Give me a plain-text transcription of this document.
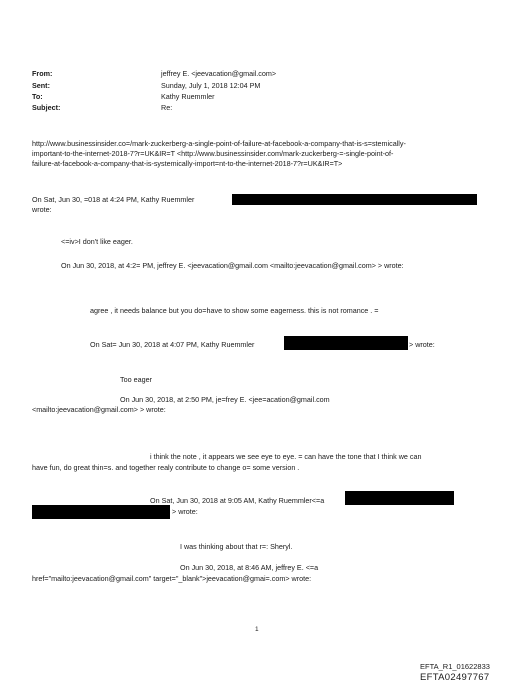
From:	jeffrey E. <jeevacation@gmail.com>
Sent:	Sunday, July 1, 2018 12:04 PM
To:	Kathy Ruemmler
Subject:	Re:
http://www.businessinsider.co=/mark-zuckerberg-a-single-point-of-failure-at-facebook-a-company-that-is-s=stemically-
important-to-the-internet-2018-7?r=UK&IR=T <http://www.businessinsider.com/mark-zuckerberg-=-single-point-of-
failure-at-facebook-a-company-that-is-systemically-import=nt-to-the-internet-2018-7?r=UK&IR=T>
On Sat, Jun 30, =018 at 4:24 PM, Kathy Ruemmler
wrote:
<=iv>I don't like eager.
On Jun 30, 2018, at 4:2= PM, jeffrey E. <jeevacation@gmail.com <mailto:jeevacation@gmail.com> > wrote:
agree , it needs balance but you do=have to show some eagerness. this is not romance . =
On Sat= Jun 30, 2018 at 4:07 PM, Kathy Ruemmler	> wrote:
Too eager
On Jun 30, 2018, at 2:50 PM, je=frey E. <jee=acation@gmail.com
<mailto:jeevacation@gmail.com> > wrote:
i think the note , it appears we see eye to eye. = can have the tone that I think we can
have fun, do great thin=s. and together realy contribute to change o= some version .
On Sat, Jun 30, 2018 at 9:05 AM, Kathy Ruemmler<=a
> wrote:
I was thinking about that r=: Sheryl.
On Jun 30, 2018, at 8:46 AM, jeffrey E. <=a
href="mailto:jeevacation@gmail.com" target="_blank">jeevacation@gmai=.com> wrote:
1
EFTA_R1_01622833
EFTA02497767
